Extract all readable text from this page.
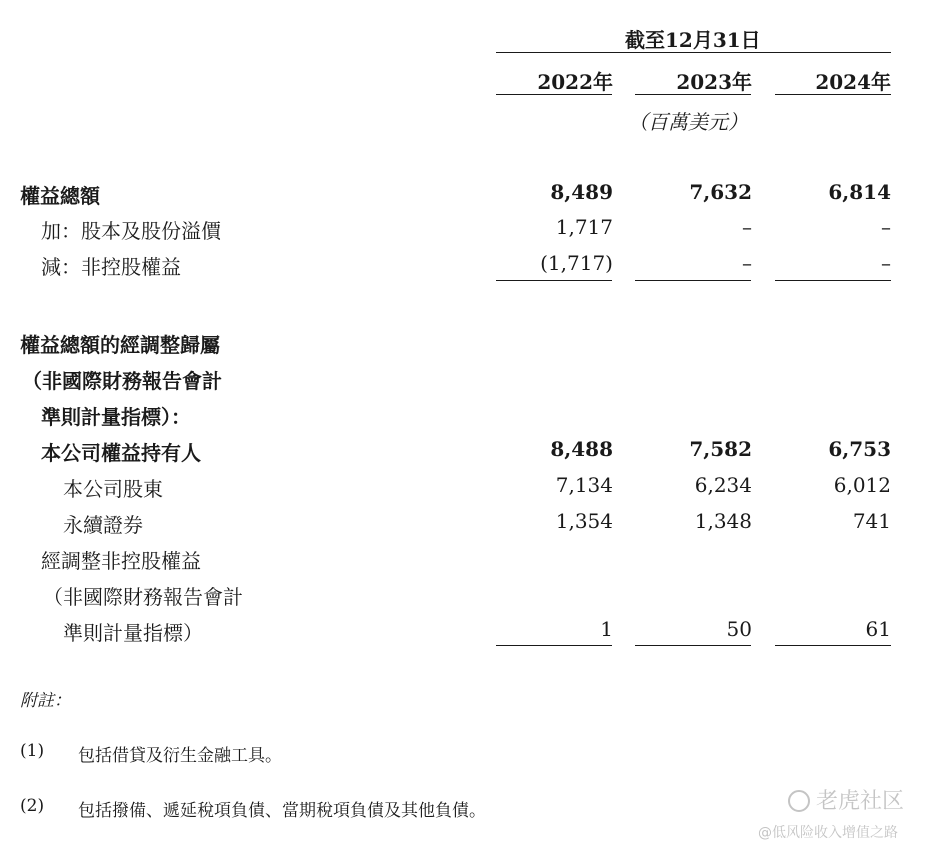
截至12月31日
2022年	2023年	2024年
（百萬美元）
權益總額	8,489	7,632	6,814
加：股本及股份溢價	1,717	–	–
減：非控股權益	(1,717)	–	–
權益總額的經調整歸屬
（非國際財務報告會計
準則計量指標）：
本公司權益持有人	8,488	7,582	6,753
本公司股東	7,134	6,234	6,012
永續證券	1,354	1,348	741
經調整非控股權益
（非國際財務報告會計
準則計量指標）	1	50	61
附註：
(1) 包括借貸及衍生金融工具。
(2) 包括撥備、遞延稅項負債、當期稅項負債及其他負債。	老虎社区
@低风险收入增值之路
